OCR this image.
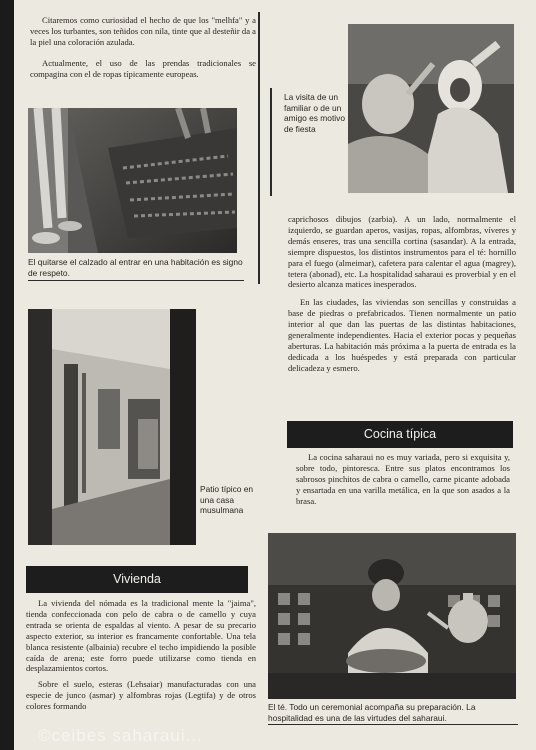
Citaremos como curiosidad el hecho de que los "melhfa" y a veces los turbantes, son teñidos con nila, tinte que al desteñir da a la piel una coloración azulada.

Actualmente, el uso de las prendas tradicionales se compagina con el de ropas típicamente europeas.

El quitarse el calzado al entrar en una habitación es signo de respeto.
Patio típico en una casa musulmana
Vivienda

La vivienda del nómada es la tradicional mente la "jaima", tienda confeccionada con pelo de cabra o de camello y cuya entrada se orienta de espaldas al viento. A pesar de su precario aspecto exterior, su interior es francamente confortable. Una tela blanca resistente (albainia) recubre el techo impidiendo la posible caída de arena; este forro puede utilizarse como tienda en desplazamientos cortos.

Sobre el suelo, esteras (Lehsaiar) manufacturadas con una especie de junco (asmar) y alfombras rojas (Legtifa) y de otros colores formando

La visita de un familiar o de un amigo es motivo de fiesta

caprichosos dibujos (zarbia). A un lado, normalmente el izquierdo, se guardan aperos, vasijas, ropas, alfombras, víveres y demás enseres, tras una sencilla cortina (sasandar). A la entrada, siempre dispuestos, los distintos instrumentos para el té: hornillo para el fuego (almeimar), cafetera para calentar el agua (magrey), tetera (abonad), etc. La hospitalidad saharaui es proverbial y en el desierto alcanza matices inesperados.

En las ciudades, las viviendas son sencillas y construidas a base de piedras o prefabricados. Tienen normalmente un patio interior al que dan las puertas de las distintas habitaciones, generalmente independientes. Hacia el exterior pocas y pequeñas aberturas. La habitación más próxima a la puerta de entrada es la dedicada a los huéspedes y está preparada con particular delicadeza y esmero.

Cocina típica

La cocina saharaui no es muy variada, pero si exquisita y, sobre todo, pintoresca. Entre sus platos encontramos los sabrosos pinchitos de cabra o camello, carne picante adobada y ensartada en una varilla metálica, en la que son asados a la brasa.

El té. Todo un ceremonial acompaña su preparación. La hospitalidad es una de las virtudes del saharaui.
©ceibes saharaui...
